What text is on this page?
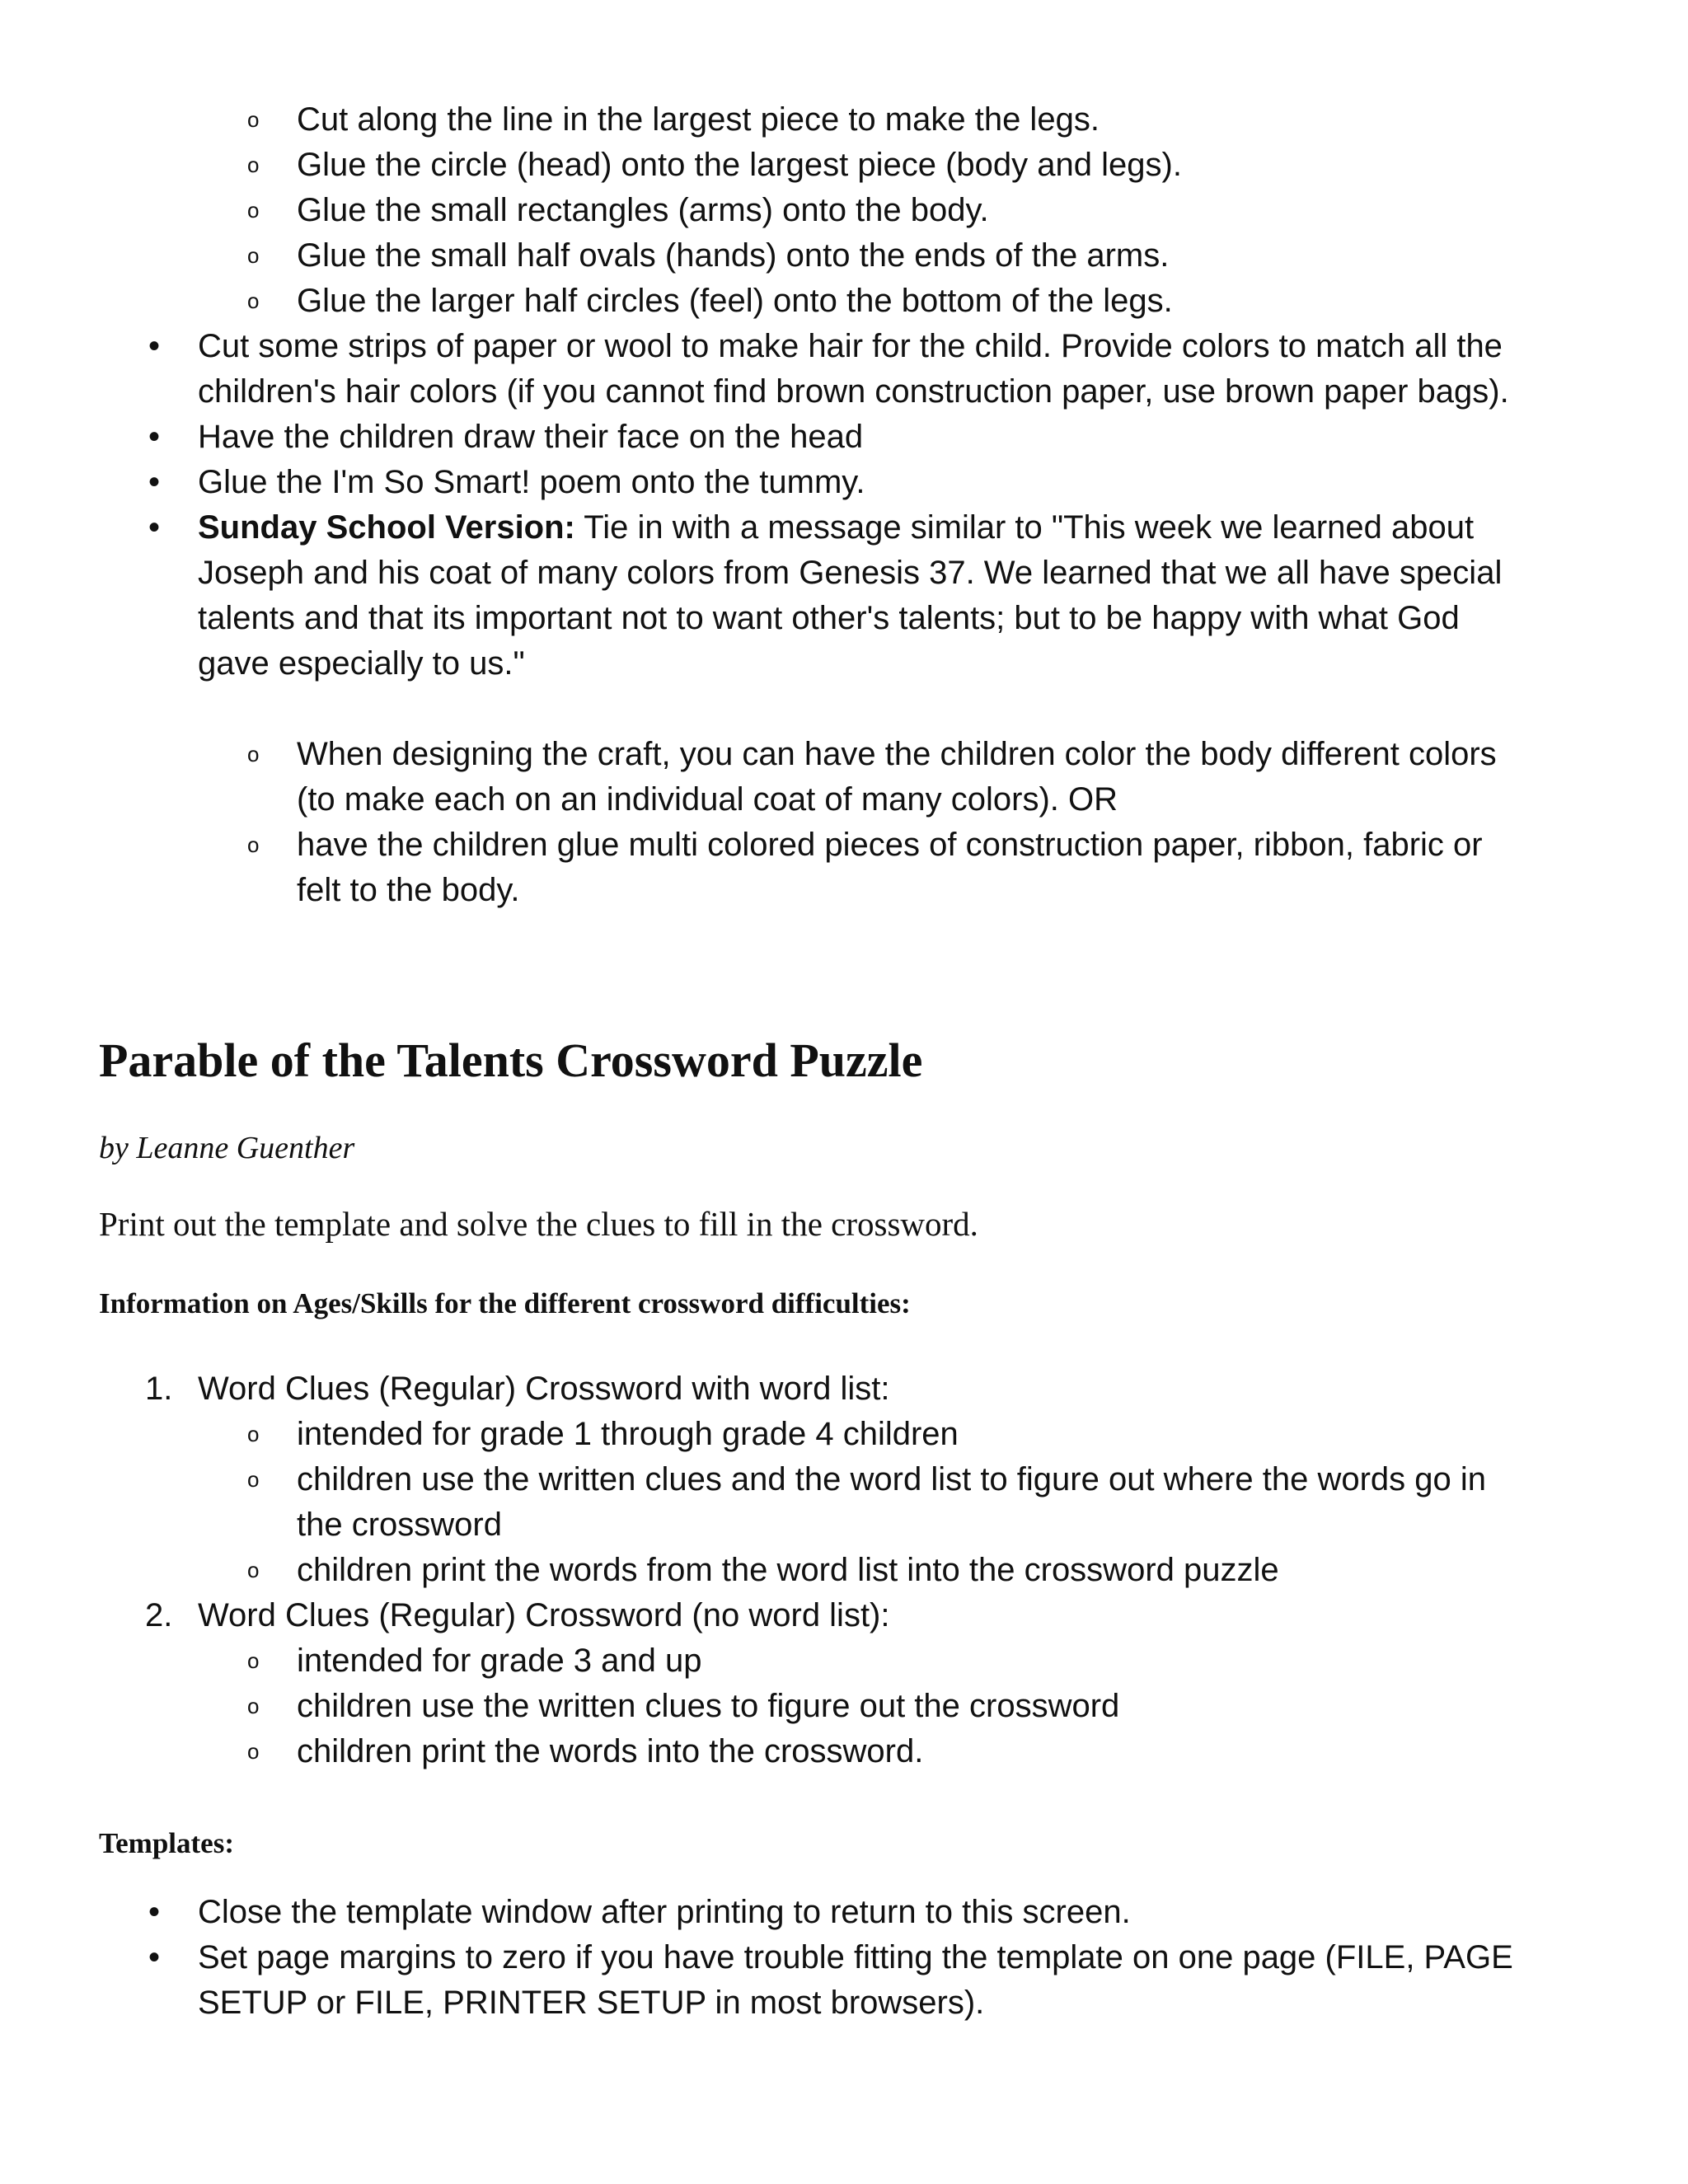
o Cut along the line in the largest piece to make the legs.
o Glue the circle (head) onto the largest piece (body and legs).
o Glue the small rectangles (arms) onto the body.
o Glue the small half ovals (hands) onto the ends of the arms.
o Glue the larger half circles (feel) onto the bottom of the legs.
• Cut some strips of paper or wool to make hair for the child. Provide colors to match all the
children's hair colors (if you cannot find brown construction paper, use brown paper bags).
• Have the children draw their face on the head
• Glue the I'm So Smart! poem onto the tummy.
• Sunday School Version: Tie in with a message similar to "This week we learned about
Joseph and his coat of many colors from Genesis 37. We learned that we all have special
talents and that its important not to want other's talents; but to be happy with what God
gave especially to us."
o When designing the craft, you can have the children color the body different colors
(to make each on an individual coat of many colors). OR
o have the children glue multi colored pieces of construction paper, ribbon, fabric or
felt to the body.
Parable of the Talents Crossword Puzzle
by Leanne Guenther
Print out the template and solve the clues to fill in the crossword.
Information on Ages/Skills for the different crossword difficulties:
1. Word Clues (Regular) Crossword with word list:
o intended for grade 1 through grade 4 children
o children use the written clues and the word list to figure out where the words go in
the crossword
o children print the words from the word list into the crossword puzzle
2. Word Clues (Regular) Crossword (no word list):
o intended for grade 3 and up
o children use the written clues to figure out the crossword
o children print the words into the crossword.
Templates:
• Close the template window after printing to return to this screen.
• Set page margins to zero if you have trouble fitting the template on one page (FILE, PAGE
SETUP or FILE, PRINTER SETUP in most browsers).
